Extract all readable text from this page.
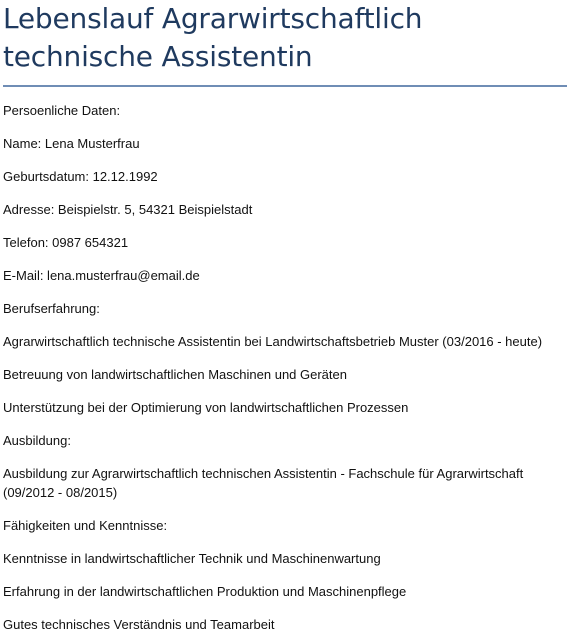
Lebenslauf Agrarwirtschaftlich technische Assistentin

Persoenliche Daten:

Name: Lena Musterfrau

Geburtsdatum: 12.12.1992

Adresse: Beispielstr. 5, 54321 Beispielstadt

Telefon: 0987 654321

E-Mail: lena.musterfrau@email.de

Berufserfahrung:

Agrarwirtschaftlich technische Assistentin bei Landwirtschaftsbetrieb Muster (03/2016 - heute)

Betreuung von landwirtschaftlichen Maschinen und Geräten

Unterstützung bei der Optimierung von landwirtschaftlichen Prozessen

Ausbildung:

Ausbildung zur Agrarwirtschaftlich technischen Assistentin - Fachschule für Agrarwirtschaft (09/2012 - 08/2015)

Fähigkeiten und Kenntnisse:

Kenntnisse in landwirtschaftlicher Technik und Maschinenwartung

Erfahrung in der landwirtschaftlichen Produktion und Maschinenpflege

Gutes technisches Verständnis und Teamarbeit
